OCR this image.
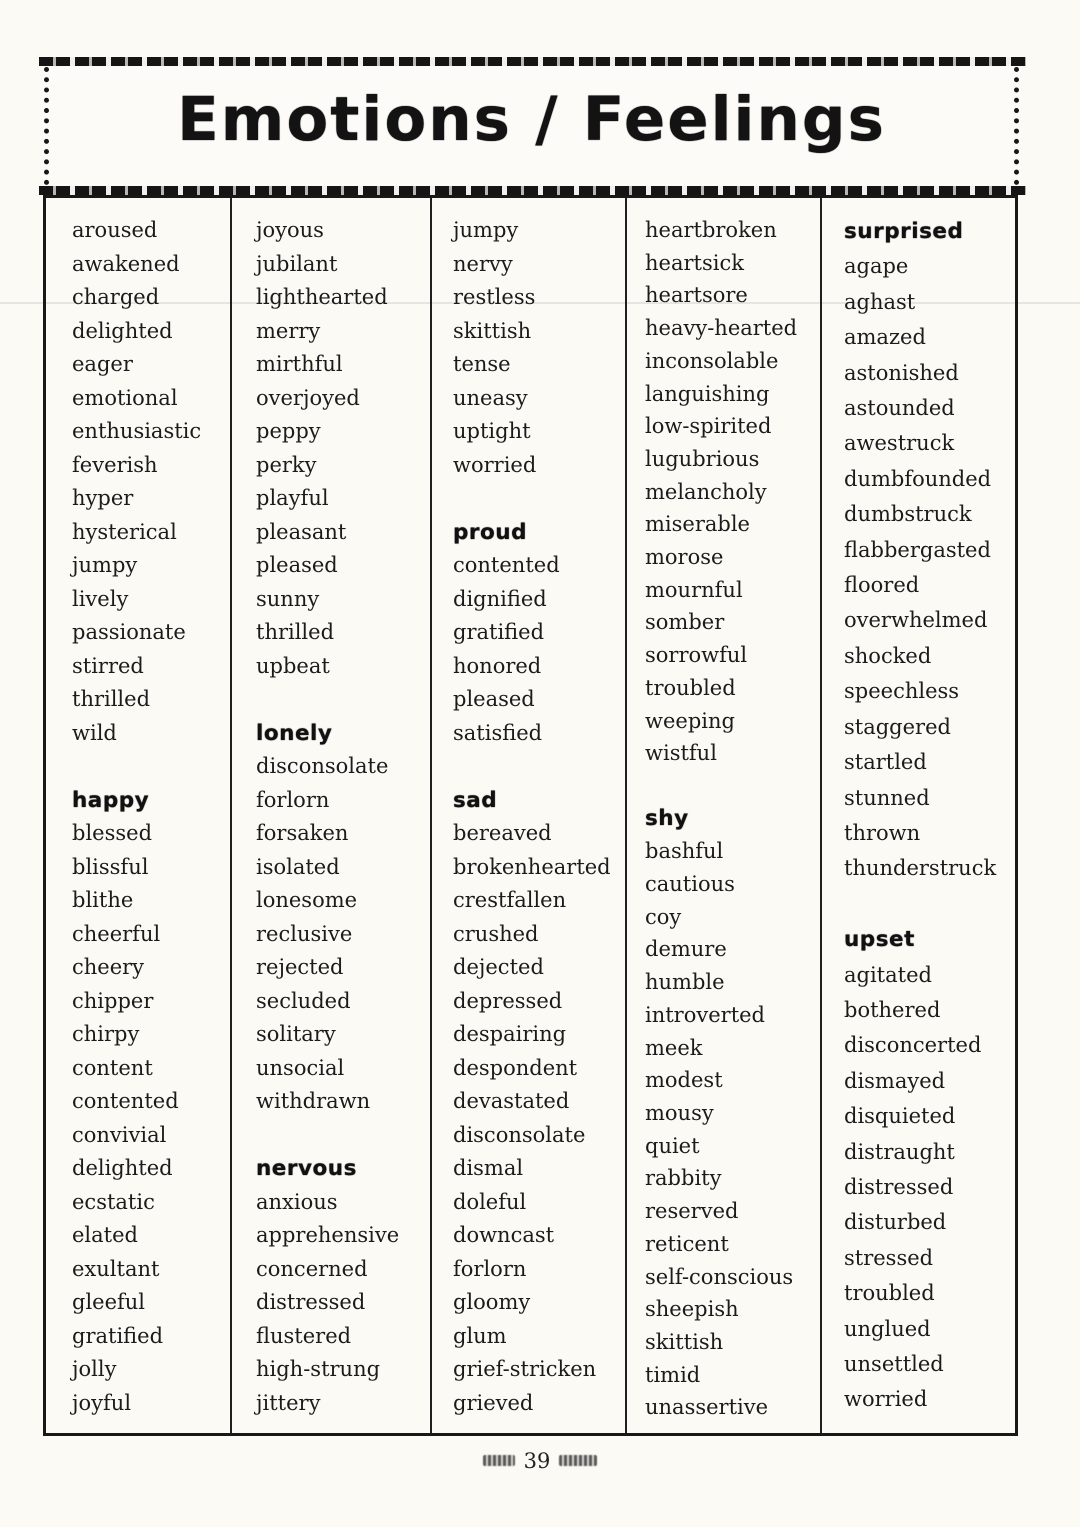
Emotions / Feelings
aroused
awakened
charged
delighted
eager
emotional
enthusiastic
feverish
hyper
hysterical
jumpy
lively
passionate
stirred
thrilled
wild

happy
blessed
blissful
blithe
cheerful
cheery
chipper
chirpy
content
contented
convivial
delighted
ecstatic
elated
exultant
gleeful
gratified
jolly
joyful
joyous
jubilant
lighthearted
merry
mirthful
overjoyed
peppy
perky
playful
pleasant
pleased
sunny
thrilled
upbeat

lonely
disconsolate
forlorn
forsaken
isolated
lonesome
reclusive
rejected
secluded
solitary
unsocial
withdrawn

nervous
anxious
apprehensive
concerned
distressed
flustered
high-strung
jittery
jumpy
nervy
restless
skittish
tense
uneasy
uptight
worried

proud
contented
dignified
gratified
honored
pleased
satisfied

sad
bereaved
brokenhearted
crestfallen
crushed
dejected
depressed
despairing
despondent
devastated
disconsolate
dismal
doleful
downcast
forlorn
gloomy
glum
grief-stricken
grieved
heartbroken
heartsick
heartsore
heavy-hearted
inconsolable
languishing
low-spirited
lugubrious
melancholy
miserable
morose
mournful
somber
sorrowful
troubled
weeping
wistful

shy
bashful
cautious
coy
demure
humble
introverted
meek
modest
mousy
quiet
rabbity
reserved
reticent
self-conscious
sheepish
skittish
timid
unassertive
surprised
agape
aghast
amazed
astonished
astounded
awestruck
dumbfounded
dumbstruck
flabbergasted
floored
overwhelmed
shocked
speechless
staggered
startled
stunned
thrown
thunderstruck

upset
agitated
bothered
disconcerted
dismayed
disquieted
distraught
distressed
disturbed
stressed
troubled
unglued
unsettled
worried
39
